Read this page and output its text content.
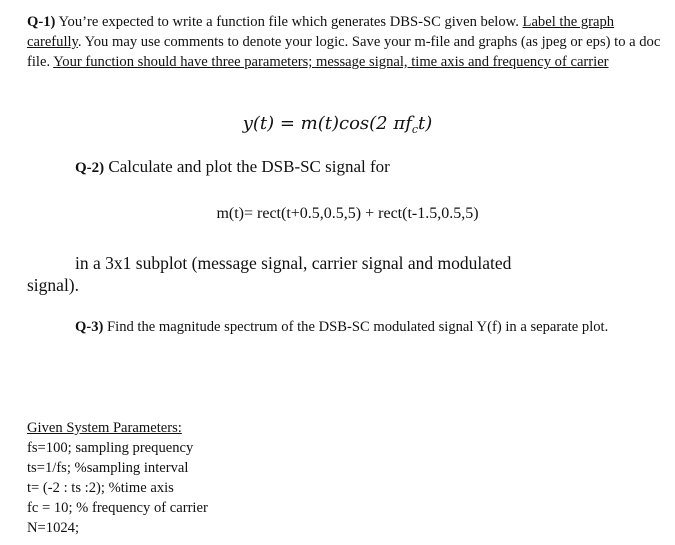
Q-1) You’re expected to write a function file which generates DBS-SC given below. Label the graph carefully. You may use comments to denote your logic. Save your m-file and graphs (as jpeg or eps) to a doc file. Your function should have three parameters; message signal, time axis and frequency of carrier
y(t) = m(t)cos(2 $\pi f_ct$)
Q-2) Calculate and plot the DSB-SC signal for
m(t)= rect(t+0.5,0.5,5) + rect(t-1.5,0.5,5)
in a 3x1 subplot (message signal, carrier signal and modulated
signal).
Q-3) Find the magnitude spectrum of the DSB-SC modulated signal Y(f) in a separate plot.
Given System Parameters:
fs=100; sampling prequency
ts=1/fs; %sampling interval
t= (-2 : ts :2); %time axis
fc = 10; % frequency of carrier
N=1024;
